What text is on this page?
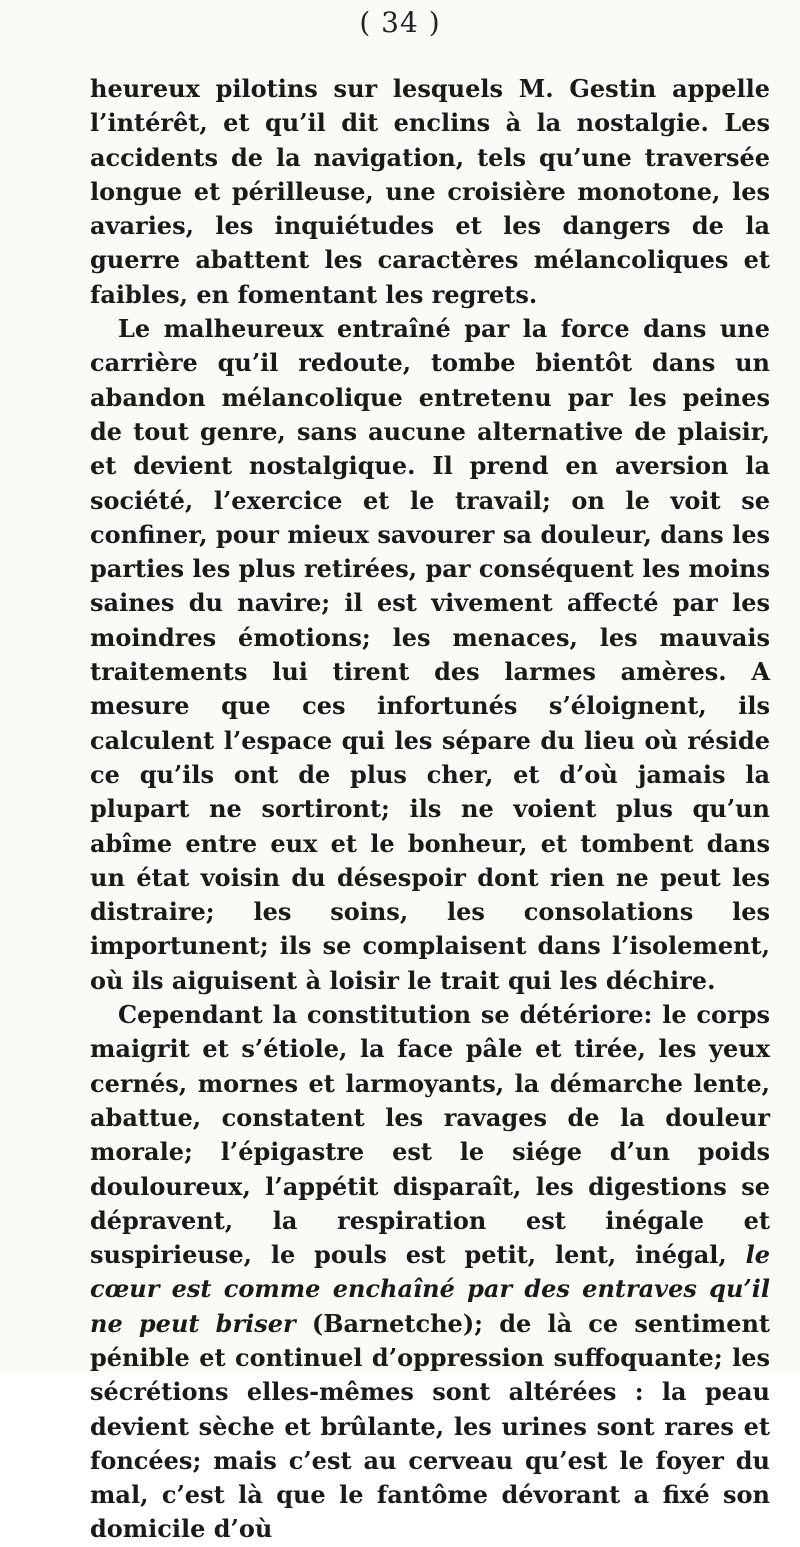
( 34 )

heureux pilotins sur lesquels M. Gestin appelle l’intérêt, et qu’il dit enclins à la nostalgie. Les accidents de la navigation, tels qu’une traversée longue et périlleuse, une croisière monotone, les avaries, les inquiétudes et les dangers de la guerre abattent les caractères mélancoliques et faibles, en fomentant les regrets.

Le malheureux entraîné par la force dans une carrière qu’il redoute, tombe bientôt dans un abandon mélancolique entretenu par les peines de tout genre, sans aucune alternative de plaisir, et devient nostalgique. Il prend en aversion la société, l’exercice et le travail; on le voit se confiner, pour mieux savourer sa douleur, dans les parties les plus retirées, par conséquent les moins saines du navire; il est vivement affecté par les moindres émotions; les menaces, les mauvais traitements lui tirent des larmes amères. A mesure que ces infortunés s’éloignent, ils calculent l’espace qui les sépare du lieu où réside ce qu’ils ont de plus cher, et d’où jamais la plupart ne sortiront; ils ne voient plus qu’un abîme entre eux et le bonheur, et tombent dans un état voisin du désespoir dont rien ne peut les distraire; les soins, les consolations les importunent; ils se complaisent dans l’isolement, où ils aiguisent à loisir le trait qui les déchire.

Cependant la constitution se détériore: le corps maigrit et s’étiole, la face pâle et tirée, les yeux cernés, mornes et larmoyants, la démarche lente, abattue, constatent les ravages de la douleur morale; l’épigastre est le siége d’un poids douloureux, l’appétit disparaît, les digestions se dépravent, la respiration est inégale et suspirieuse, le pouls est petit, lent, inégal, le cœur est comme enchaîné par des entraves qu’il ne peut briser (Barnetche); de là ce sentiment pénible et continuel d’oppression suffoquante; les sécrétions elles-mêmes sont altérées : la peau devient sèche et brûlante, les urines sont rares et foncées; mais c’est au cerveau qu’est le foyer du mal, c’est là que le fantôme dévorant a fixé son domicile d’où
